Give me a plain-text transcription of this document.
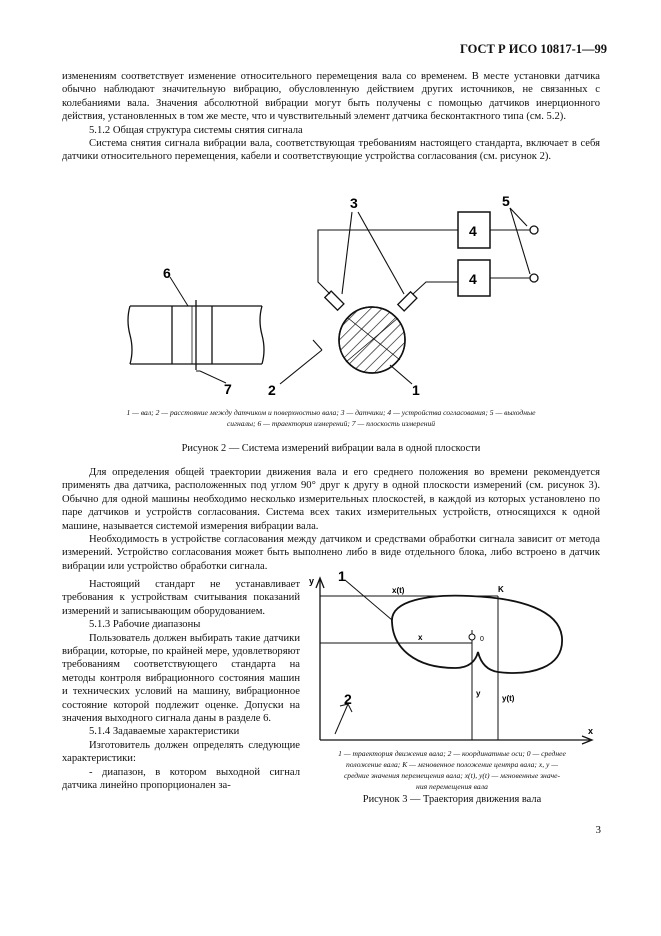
ГОСТ Р ИСО 10817-1—99

изменениям соответствует изменение относительного перемещения вала со временем. В месте установки датчика обычно наблюдают значительную вибрацию, обусловленную действием других источников, не связанных с колебаниями вала. Значения абсолютной вибрации могут быть получены с помощью датчиков инерционного действия, установленных в том же месте, что и чувствительный элемент датчика бесконтактного типа (см. 5.2).

5.1.2 Общая структура системы снятия сигнала

Система снятия сигнала вибрации вала, соответствующая требованиям настоящего стандарта, включает в себя датчики относительного перемещения, кабели и соответствующие устройства согласования (см. рисунок 2).

6
7
3
4
4
5
2	1
1
2
y
x
x(t)
y(t)
K
x
y
0
1 — вал; 2 — расстояние между датчиком и поверхностью вала; 3 — датчики; 4 — устройства согласования; 5 — выходные
сигналы; 6 — траектория измерений; 7 — плоскость измерений
Рисунок 2 — Система измерений вибрации вала в одной плоскости

Для определения общей траектории движения вала и его среднего положения во времени рекомендуется применять два датчика, расположенных под углом 90° друг к другу в одной плоскости измерений (см. рисунок 3). Обычно для одной машины необходимо несколько измерительных плоскостей, в каждой из которых установлено по паре датчиков и устройств согласования. Система всех таких измерительных устройств, относящихся к одной машине, называется системой измерения вибрации вала.

Необходимость в устройстве согласования между датчиком и средствами обработки сигнала зависит от метода измерений. Устройство согласования может быть выполнено либо в виде отдельного блока, либо встроено в датчик вибрации или устройство обработки сигнала.

Настоящий стандарт не устанавливает требования к устройствам считывания показаний измерений и записывающим оборудованием.

5.1.3 Рабочие диапазоны

Пользователь должен выбирать такие датчики вибрации, которые, по крайней мере, удовлетворяют требованиям соответствующего стандарта на методы контроля вибрационного состояния машин и технических условий на машину, вибрационное состояние которой подлежит оценке. Допуски на значения выходного сигнала даны в разделе 6.

5.1.4 Задаваемые характеристики

Изготовитель должен определять следующие характеристики:

- диапазон, в котором выходной сигнал датчика линейно пропорционален за-

1 — траектория движения вала; 2 — координатные оси; 0 — среднее
положение вала; K — мгновенное положение центра вала; x, y —
средние значения перемещения вала; x(t), y(t) — мгновенные значе-
ния перемещения вала
Рисунок 3 — Траектория движения вала
3
